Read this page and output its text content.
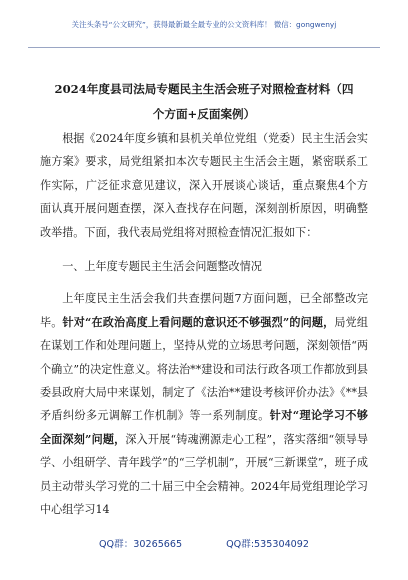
关注头条号“公文研究”，获得最新最全最专业的公文资料库！ 微信：gongwenyj
2024年度县司法局专题民主生活会班子对照检查材料（四
个方面+反面案例）

根据《2024年度乡镇和县机关单位党组（党委）民主生活会实施方案》要求，局党组紧扣本次专题民主生活会主题，紧密联系工作实际，广泛征求意见建议，深入开展谈心谈话，重点聚焦4个方面认真开展问题查摆，深入查找存在问题，深刻剖析原因，明确整改举措。下面，我代表局党组将对照检查情况汇报如下：

一、上年度专题民主生活会问题整改情况

上年度民主生活会我们共查摆问题7方面问题，已全部整改完毕。针对“在政治高度上看问题的意识还不够强烈”的问题，局党组在谋划工作和处理问题上，坚持从党的立场思考问题，深刻领悟“两个确立”的决定性意义。将法治**建设和司法行政各项工作都放到县委县政府大局中来谋划，制定了《法治**建设考核评价办法》《**县矛盾纠纷多元调解工作机制》等一系列制度。针对“理论学习不够全面深刻”问题，深入开展“铸魂溯源走心工程”，落实落细“领导导学、小组研学、青年践学”的“三学机制”，开展“三新课堂”，班子成员主动带头学习党的二十届三中全会精神。2024年局党组理论学习中心组学习14

QQ群：30265665	QQ群:535304092
